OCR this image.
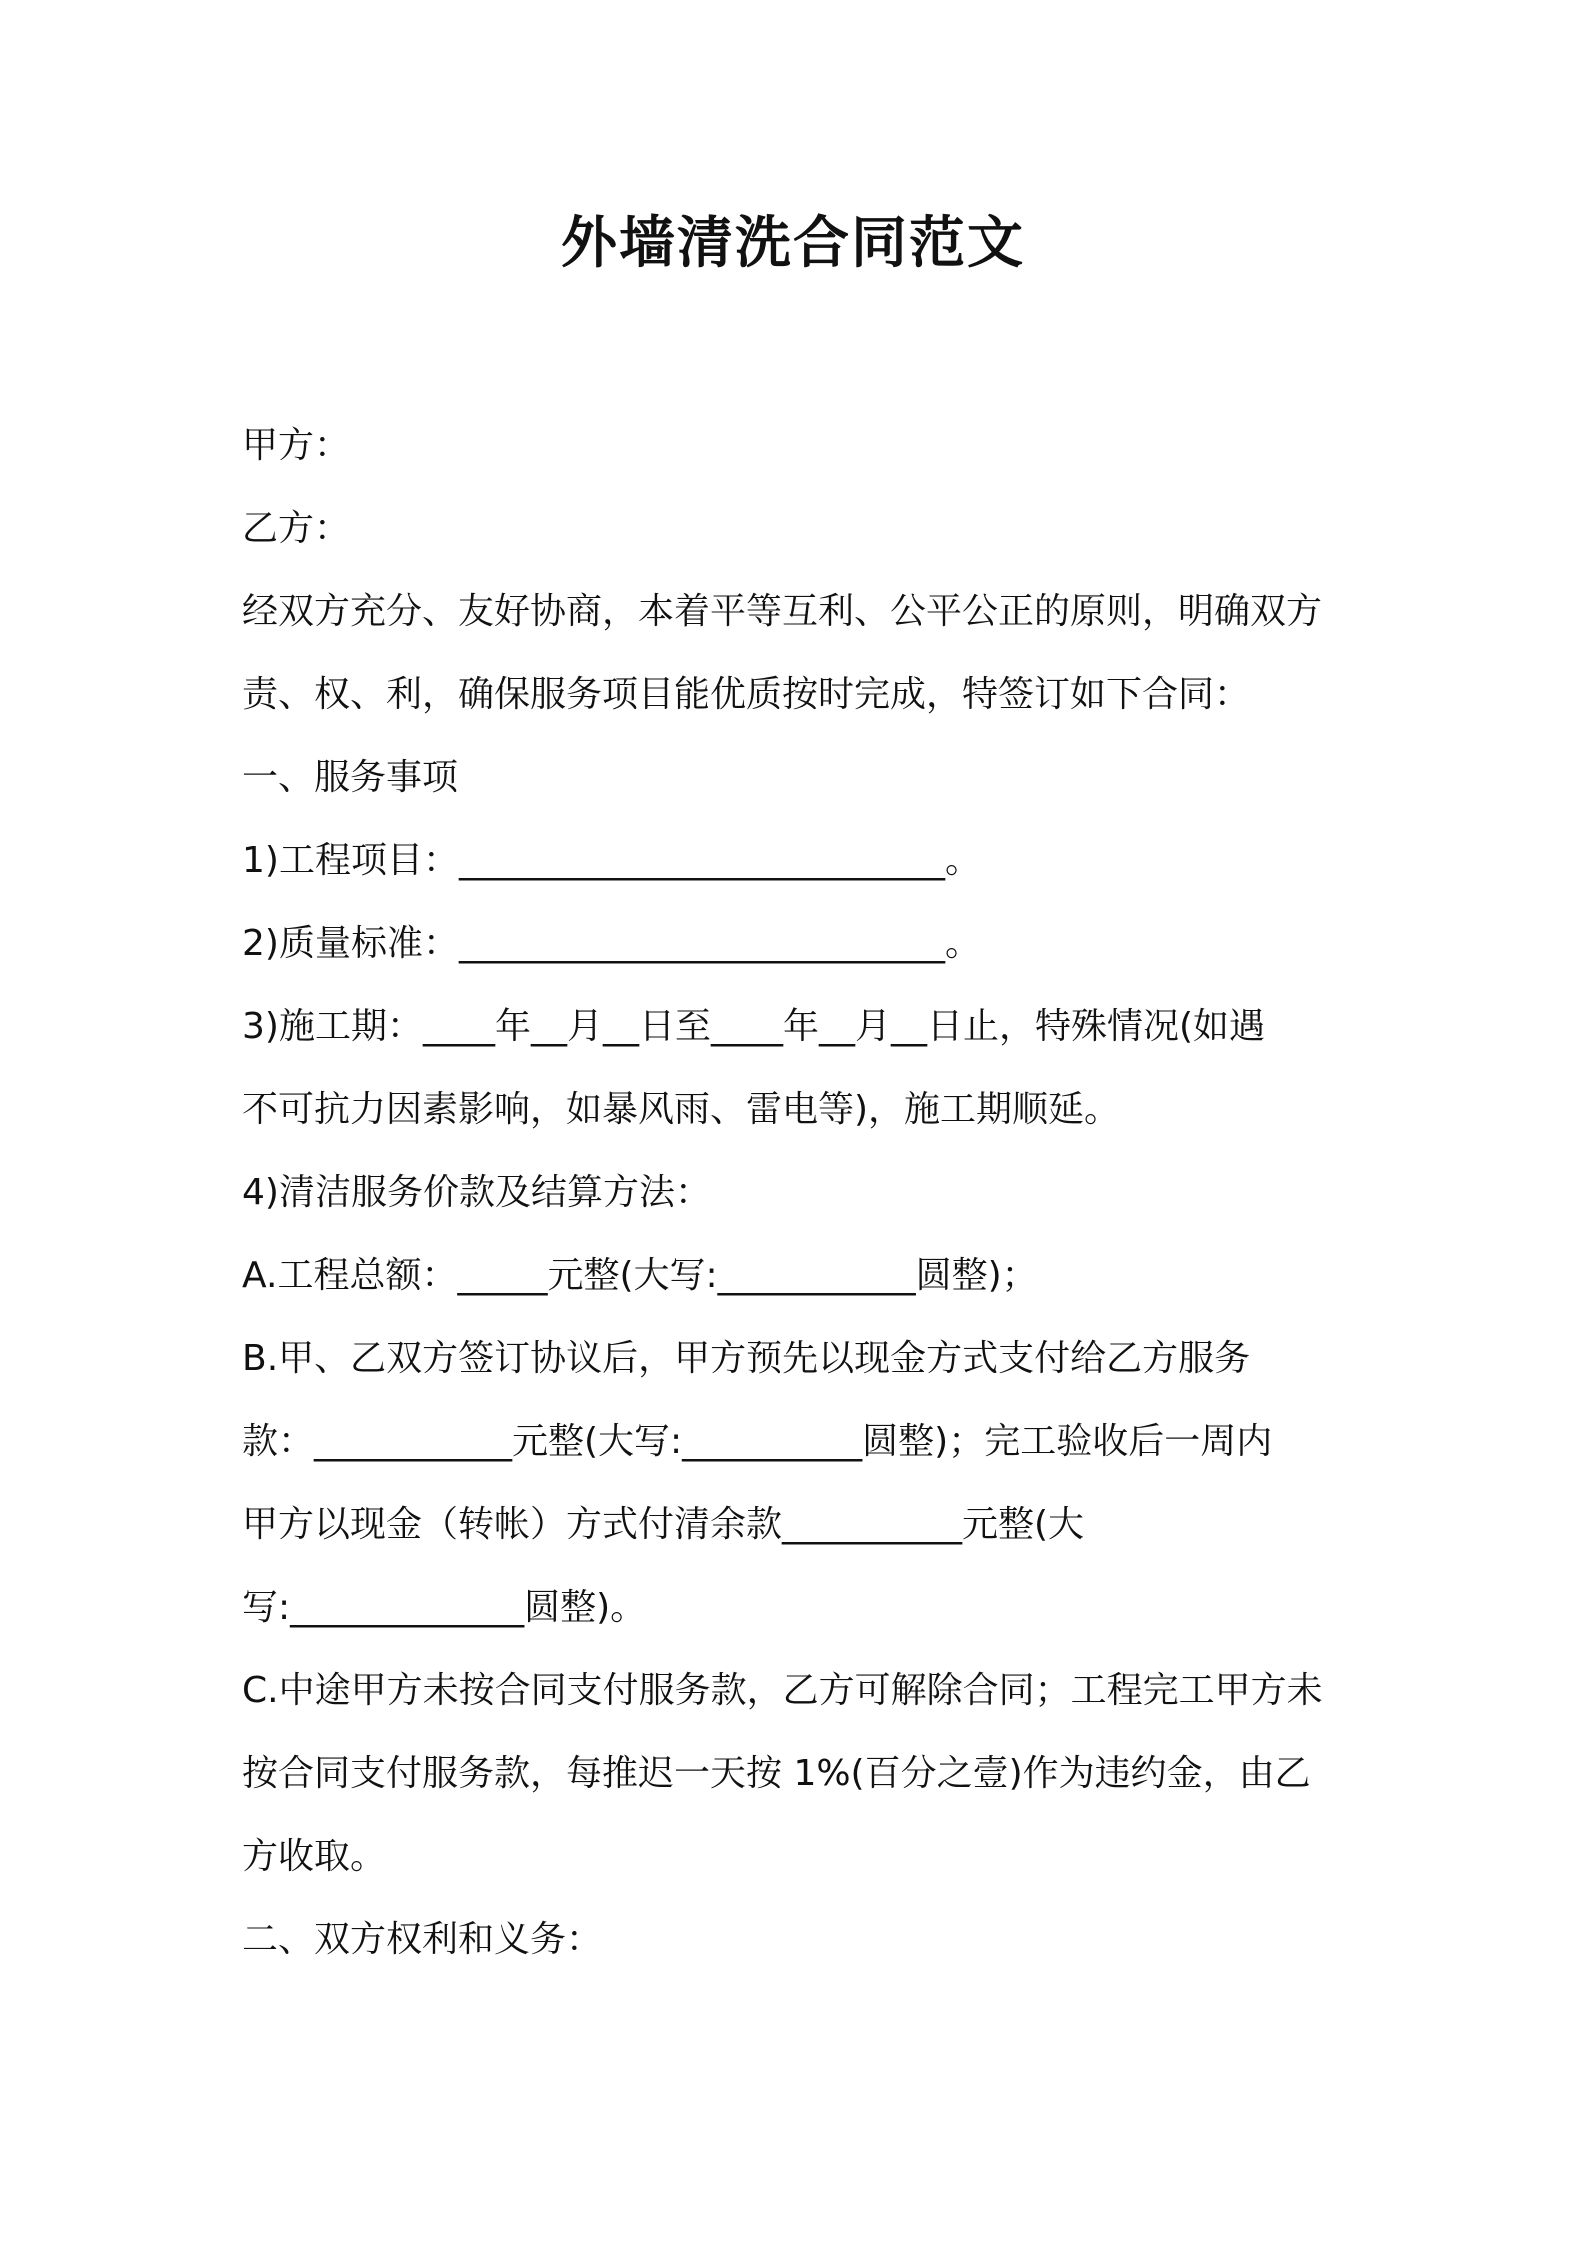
外墙清洗合同范文

甲方：

乙方：

经双方充分、友好协商，本着平等互利、公平公正的原则，明确双方

责、权、利，确保服务项目能优质按时完成，特签订如下合同：

一、服务事项

1)工程项目：___________________________。

2)质量标准：___________________________。

3)施工期：____年__月__日至____年__月__日止，特殊情况(如遇

不可抗力因素影响，如暴风雨、雷电等)，施工期顺延。

4)清洁服务价款及结算方法：

A.工程总额：_____元整(大写:___________圆整)；

B.甲、乙双方签订协议后，甲方预先以现金方式支付给乙方服务

款：___________元整(大写:__________圆整)；完工验收后一周内

甲方以现金（转帐）方式付清余款__________元整(大

写:_____________圆整)。

C.中途甲方未按合同支付服务款，乙方可解除合同；工程完工甲方未

按合同支付服务款，每推迟一天按 1%(百分之壹)作为违约金，由乙

方收取。

二、双方权利和义务：
